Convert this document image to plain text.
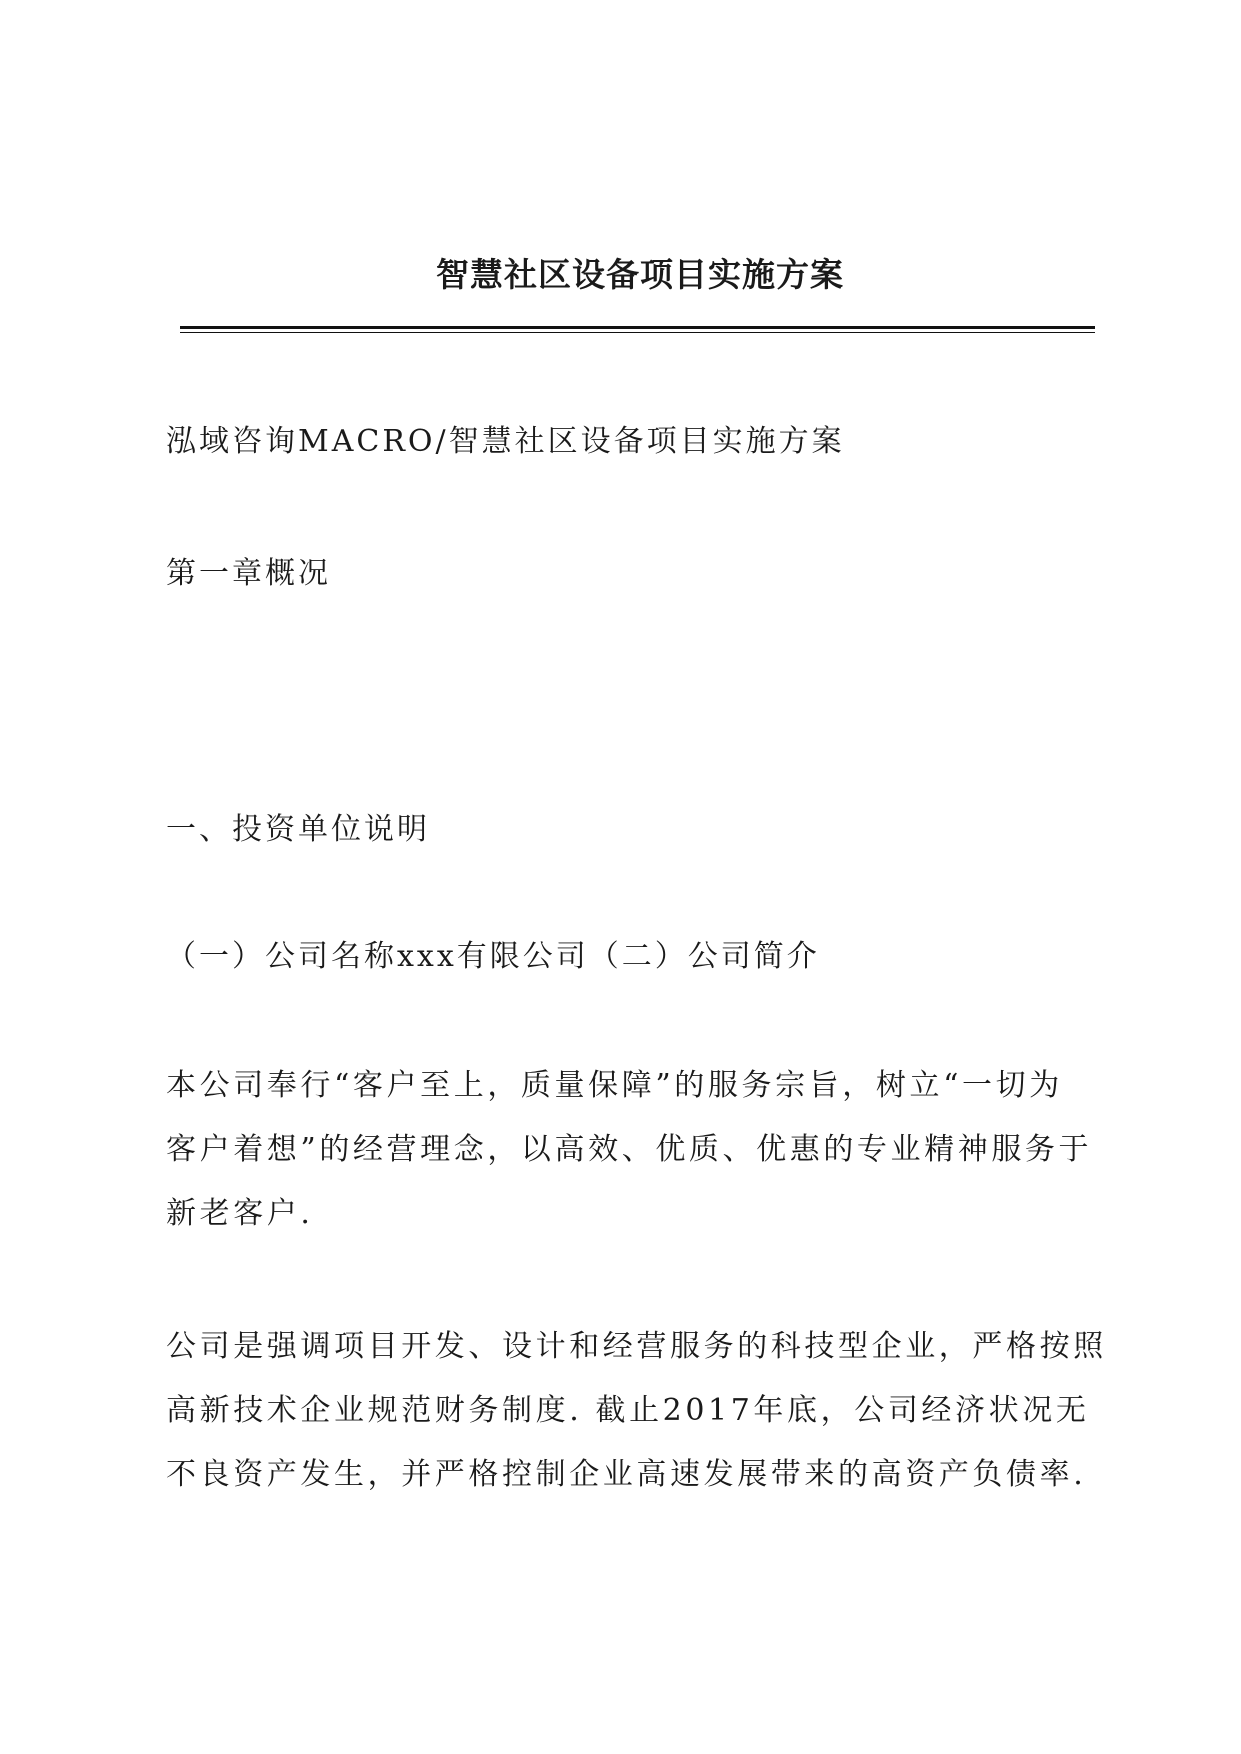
智慧社区设备项目实施方案
泓域咨询MACRO/智慧社区设备项目实施方案
第一章概况
一、投资单位说明
（一）公司名称xxx有限公司（二）公司简介

本公司奉行“客户至上，质量保障”的服务宗旨，树立“一切为

客户着想”的经营理念，以高效、优质、优惠的专业精神服务于

新老客户.

公司是强调项目开发、设计和经营服务的科技型企业，严格按照

高新技术企业规范财务制度. 截止2017年底，公司经济状况无

不良资产发生，并严格控制企业高速发展带来的高资产负债率.
